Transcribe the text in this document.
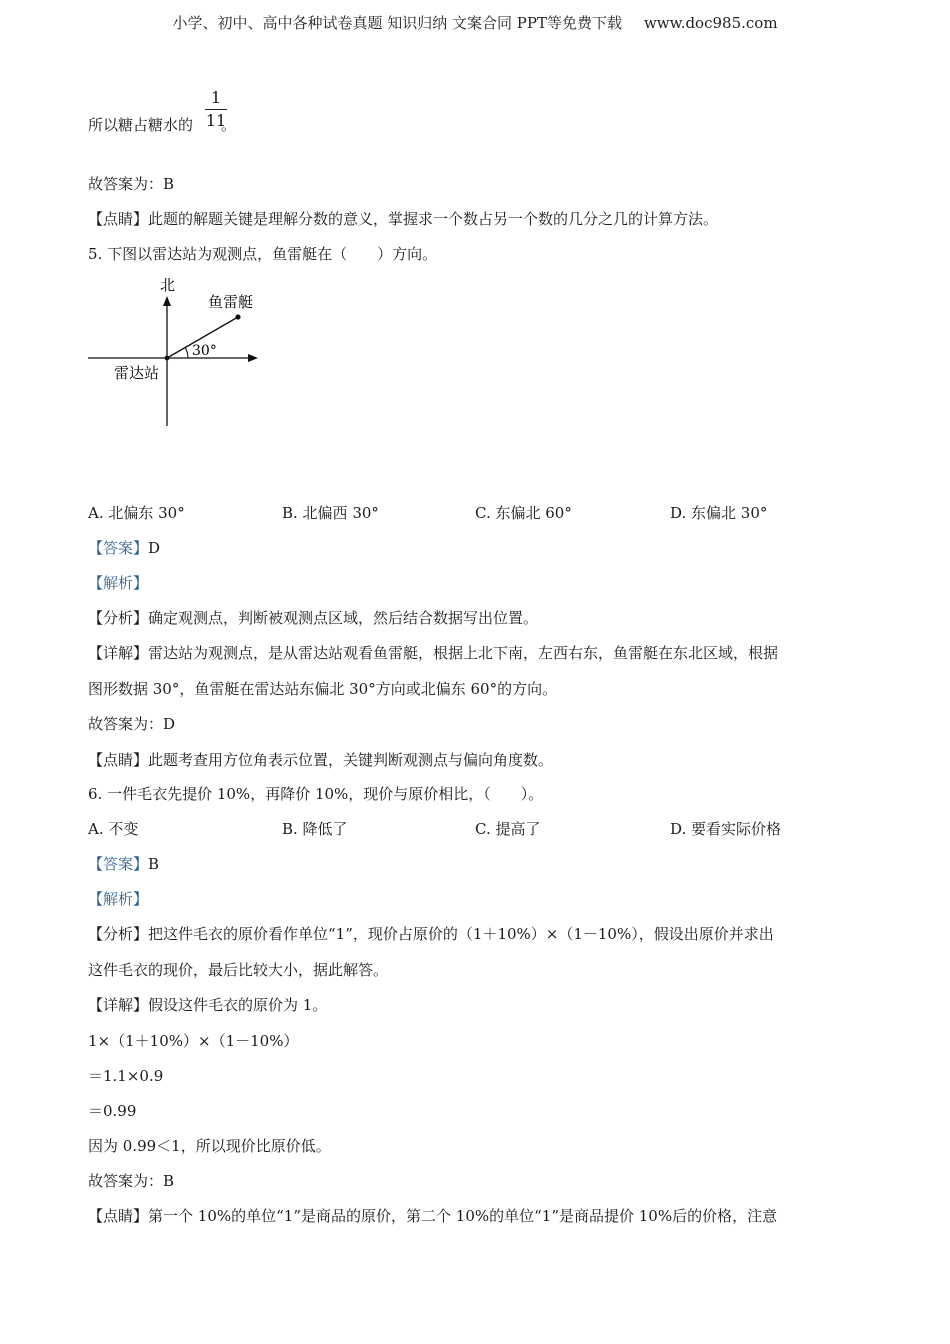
小学、初中、高中各种试卷真题 知识归纳 文案合同 PPT等免费下载 www.doc985.com
$\frac{1}{11}$
所以糖占糖水的 。
故答案为：B
【点睛】此题的解题关键是理解分数的意义，掌握求一个数占另一个数的几分之几的计算方法。
5. 下图以雷达站为观测点，鱼雷艇在（　　）方向。
北
鱼雷艇
30°
雷达站
A. 北偏东 30°	B. 北偏西 30°	C. 东偏北 60°	D. 东偏北 30°
【答案】D
【解析】
【分析】确定观测点，判断被观测点区域，然后结合数据写出位置。
【详解】雷达站为观测点，是从雷达站观看鱼雷艇，根据上北下南，左西右东，鱼雷艇在东北区域，根据
图形数据 30°，鱼雷艇在雷达站东偏北 30°方向或北偏东 60°的方向。
故答案为：D
【点睛】此题考查用方位角表示位置，关键判断观测点与偏向角度数。
6. 一件毛衣先提价 10%，再降价 10%，现价与原价相比，（　　）。
A. 不变	B. 降低了	C. 提高了	D. 要看实际价格
【答案】B
【解析】
【分析】把这件毛衣的原价看作单位“1”，现价占原价的（1＋10%）×（1－10%），假设出原价并求出
这件毛衣的现价，最后比较大小，据此解答。
【详解】假设这件毛衣的原价为 1。
1×（1＋10%）×（1－10%）
＝1.1×0.9
＝0.99
因为 0.99＜1，所以现价比原价低。
故答案为：B
【点睛】第一个 10%的单位“1”是商品的原价，第二个 10%的单位“1”是商品提价 10%后的价格，注意
